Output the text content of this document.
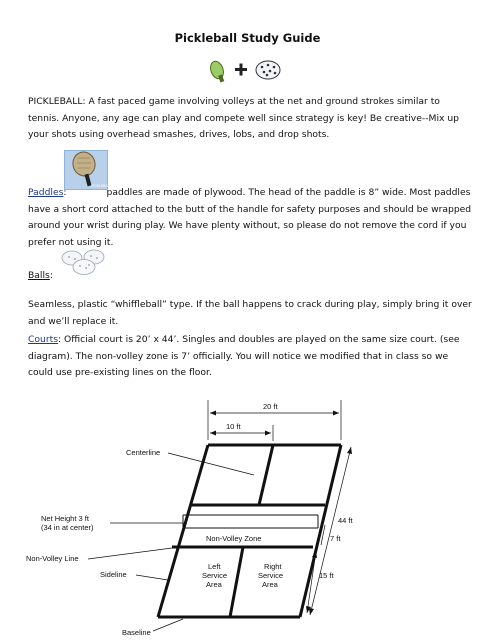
Pickleball Study Guide
PICKLEBALL: A fast paced game involving volleys at the net and ground strokes similar to tennis. Anyone, any age can play and compete well since strategy is key! Be creative--Mix up your shots using overhead smashes, drives, lobs, and drop shots.
PICKLEBALL
Paddles:	paddles are made of plywood. The head of the paddle is 8” wide. Most paddles have a short cord attached to the butt of the handle for safety purposes and should be wrapped around your wrist during play. We have plenty without, so please do not remove the cord if you prefer not using it.
Balls:
Seamless, plastic “whiffleball” type. If the ball happens to crack during play, simply bring it over and we’ll replace it.
Courts: Official court is 20’ x 44’. Singles and doubles are played on the same size court. (see diagram). The non-volley zone is 7’ officially. You will notice we modified that in class so we could use pre-existing lines on the floor.
20 ft
10 ft
44 ft
7 ft
15 ft
Centerline
Net Height 3 ft
(34 in at center)
Non-Volley Zone
Non-Volley Line
Left
Service
Area
Right
Service
Area
Sideline
Baseline
